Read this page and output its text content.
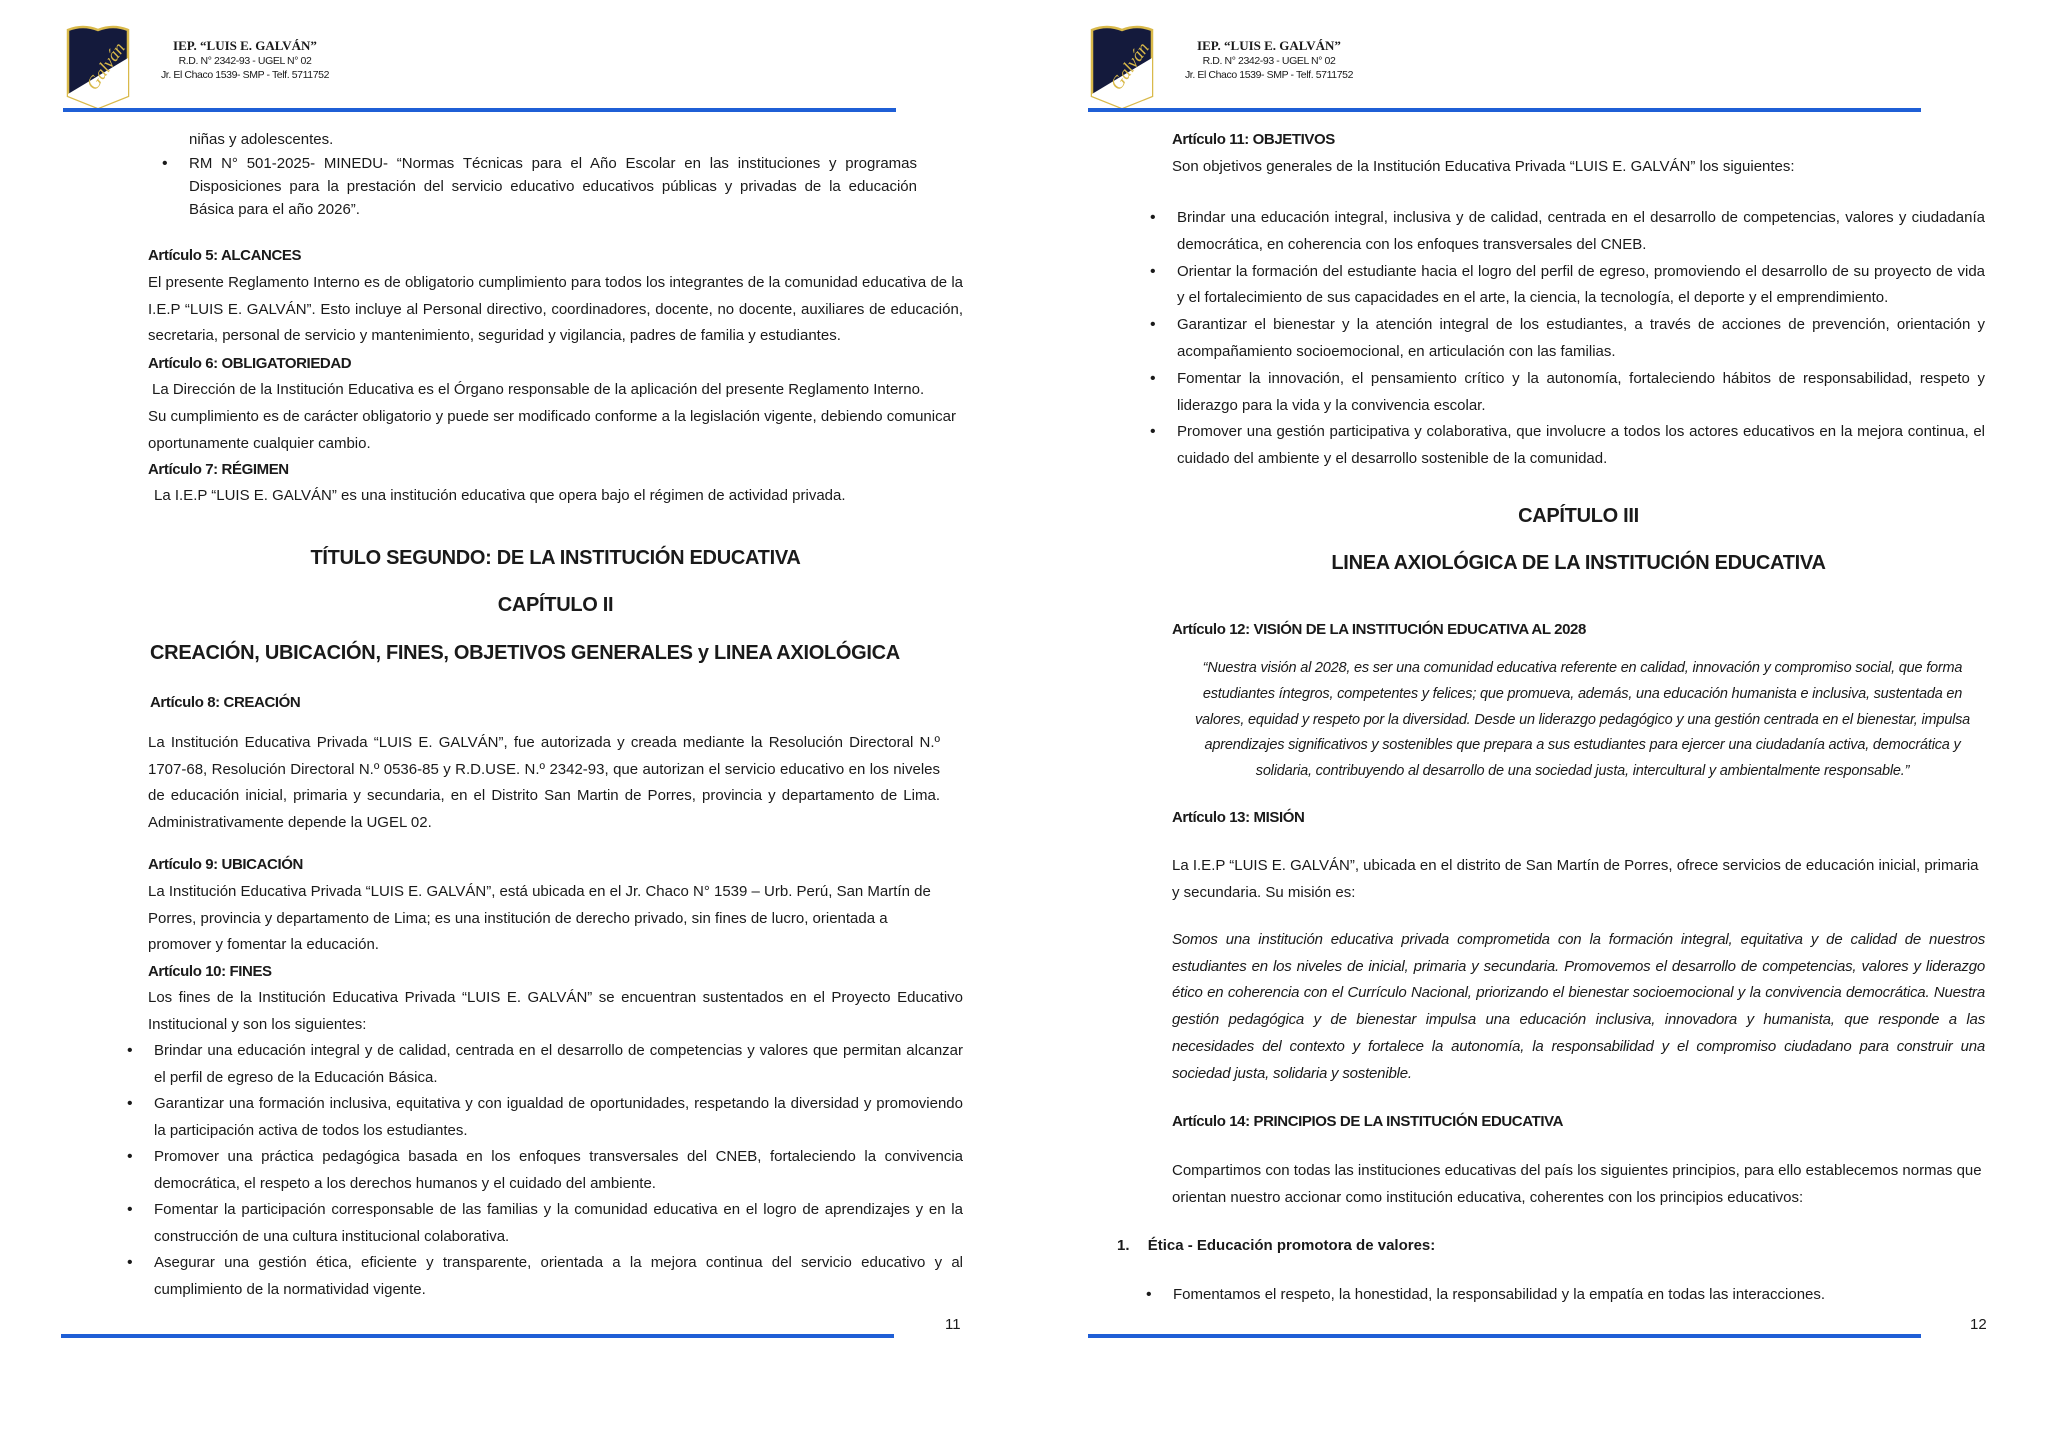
Galván	IEP. “LUIS E. GALVÁN”
R.D. N° 2342-93 - UGEL N° 02
Jr. El Chaco 1539- SMP - Telf. 5711752

niñas y adolescentes.

• RM N° 501-2025- MINEDU- “Normas Técnicas para el Año Escolar en las instituciones y programas Disposiciones para la prestación del servicio educativo educativos públicas y privadas de la educación Básica para el año 2026”.

Artículo 5: ALCANCES

El presente Reglamento Interno es de obligatorio cumplimiento para todos los integrantes de la comunidad educativa de la I.E.P “LUIS E. GALVÁN”. Esto incluye al Personal directivo, coordinadores, docente, no docente, auxiliares de educación, secretaria, personal de servicio y mantenimiento, seguridad y vigilancia, padres de familia y estudiantes.

Artículo 6: OBLIGATORIEDAD

La Dirección de la Institución Educativa es el Órgano responsable de la aplicación del presente Reglamento Interno.

Su cumplimiento es de carácter obligatorio y puede ser modificado conforme a la legislación vigente, debiendo comunicar oportunamente cualquier cambio.

Artículo 7: RÉGIMEN

La I.E.P “LUIS E. GALVÁN” es una institución educativa que opera bajo el régimen de actividad privada.

TÍTULO SEGUNDO: DE LA INSTITUCIÓN EDUCATIVA

CAPÍTULO II

CREACIÓN, UBICACIÓN, FINES, OBJETIVOS GENERALES y LINEA AXIOLÓGICA

Artículo 8: CREACIÓN

La Institución Educativa Privada “LUIS E. GALVÁN”, fue autorizada y creada mediante la Resolución Directoral N.º 1707-68, Resolución Directoral N.º 0536-85 y R.D.USE. N.º 2342-93, que autorizan el servicio educativo en los niveles de educación inicial, primaria y secundaria, en el Distrito San Martin de Porres, provincia y departamento de Lima. Administrativamente depende la UGEL 02.

Artículo 9: UBICACIÓN

La Institución Educativa Privada “LUIS E. GALVÁN”, está ubicada en el Jr. Chaco N° 1539 – Urb. Perú, San Martín de Porres, provincia y departamento de Lima; es una institución de derecho privado, sin fines de lucro, orientada a promover y fomentar la educación.

Artículo 10: FINES

Los fines de la Institución Educativa Privada “LUIS E. GALVÁN” se encuentran sustentados en el Proyecto Educativo Institucional y son los siguientes:

• Brindar una educación integral y de calidad, centrada en el desarrollo de competencias y valores que permitan alcanzar el perfil de egreso de la Educación Básica.
• Garantizar una formación inclusiva, equitativa y con igualdad de oportunidades, respetando la diversidad y promoviendo la participación activa de todos los estudiantes.
• Promover una práctica pedagógica basada en los enfoques transversales del CNEB, fortaleciendo la convivencia democrática, el respeto a los derechos humanos y el cuidado del ambiente.
• Fomentar la participación corresponsable de las familias y la comunidad educativa en el logro de aprendizajes y en la construcción de una cultura institucional colaborativa.
• Asegurar una gestión ética, eficiente y transparente, orientada a la mejora continua del servicio educativo y al cumplimiento de la normatividad vigente.
11
Galván	IEP. “LUIS E. GALVÁN”
R.D. N° 2342-93 - UGEL N° 02
Jr. El Chaco 1539- SMP - Telf. 5711752

Artículo 11: OBJETIVOS

Son objetivos generales de la Institución Educativa Privada “LUIS E. GALVÁN” los siguientes:

• Brindar una educación integral, inclusiva y de calidad, centrada en el desarrollo de competencias, valores y ciudadanía democrática, en coherencia con los enfoques transversales del CNEB.
• Orientar la formación del estudiante hacia el logro del perfil de egreso, promoviendo el desarrollo de su proyecto de vida y el fortalecimiento de sus capacidades en el arte, la ciencia, la tecnología, el deporte y el emprendimiento.
• Garantizar el bienestar y la atención integral de los estudiantes, a través de acciones de prevención, orientación y acompañamiento socioemocional, en articulación con las familias.
• Fomentar la innovación, el pensamiento crítico y la autonomía, fortaleciendo hábitos de responsabilidad, respeto y liderazgo para la vida y la convivencia escolar.
• Promover una gestión participativa y colaborativa, que involucre a todos los actores educativos en la mejora continua, el cuidado del ambiente y el desarrollo sostenible de la comunidad.

CAPÍTULO III

LINEA AXIOLÓGICA DE LA INSTITUCIÓN EDUCATIVA

Artículo 12: VISIÓN DE LA INSTITUCIÓN EDUCATIVA AL 2028

“Nuestra visión al 2028, es ser una comunidad educativa referente en calidad, innovación y compromiso social, que forma estudiantes íntegros, competentes y felices; que promueva, además, una educación humanista e inclusiva, sustentada en valores, equidad y respeto por la diversidad. Desde un liderazgo pedagógico y una gestión centrada en el bienestar, impulsa aprendizajes significativos y sostenibles que prepara a sus estudiantes para ejercer una ciudadanía activa, democrática y solidaria, contribuyendo al desarrollo de una sociedad justa, intercultural y ambientalmente responsable.”

Artículo 13: MISIÓN

La I.E.P “LUIS E. GALVÁN”, ubicada en el distrito de San Martín de Porres, ofrece servicios de educación inicial, primaria y secundaria. Su misión es:

Somos una institución educativa privada comprometida con la formación integral, equitativa y de calidad de nuestros estudiantes en los niveles de inicial, primaria y secundaria. Promovemos el desarrollo de competencias, valores y liderazgo ético en coherencia con el Currículo Nacional, priorizando el bienestar socioemocional y la convivencia democrática. Nuestra gestión pedagógica y de bienestar impulsa una educación inclusiva, innovadora y humanista, que responde a las necesidades del contexto y fortalece la autonomía, la responsabilidad y el compromiso ciudadano para construir una sociedad justa, solidaria y sostenible.

Artículo 14: PRINCIPIOS DE LA INSTITUCIÓN EDUCATIVA

Compartimos con todas las instituciones educativas del país los siguientes principios, para ello establecemos normas que orientan nuestro accionar como institución educativa, coherentes con los principios educativos:

1. Ética - Educación promotora de valores:
• Fomentamos el respeto, la honestidad, la responsabilidad y la empatía en todas las interacciones.
12
